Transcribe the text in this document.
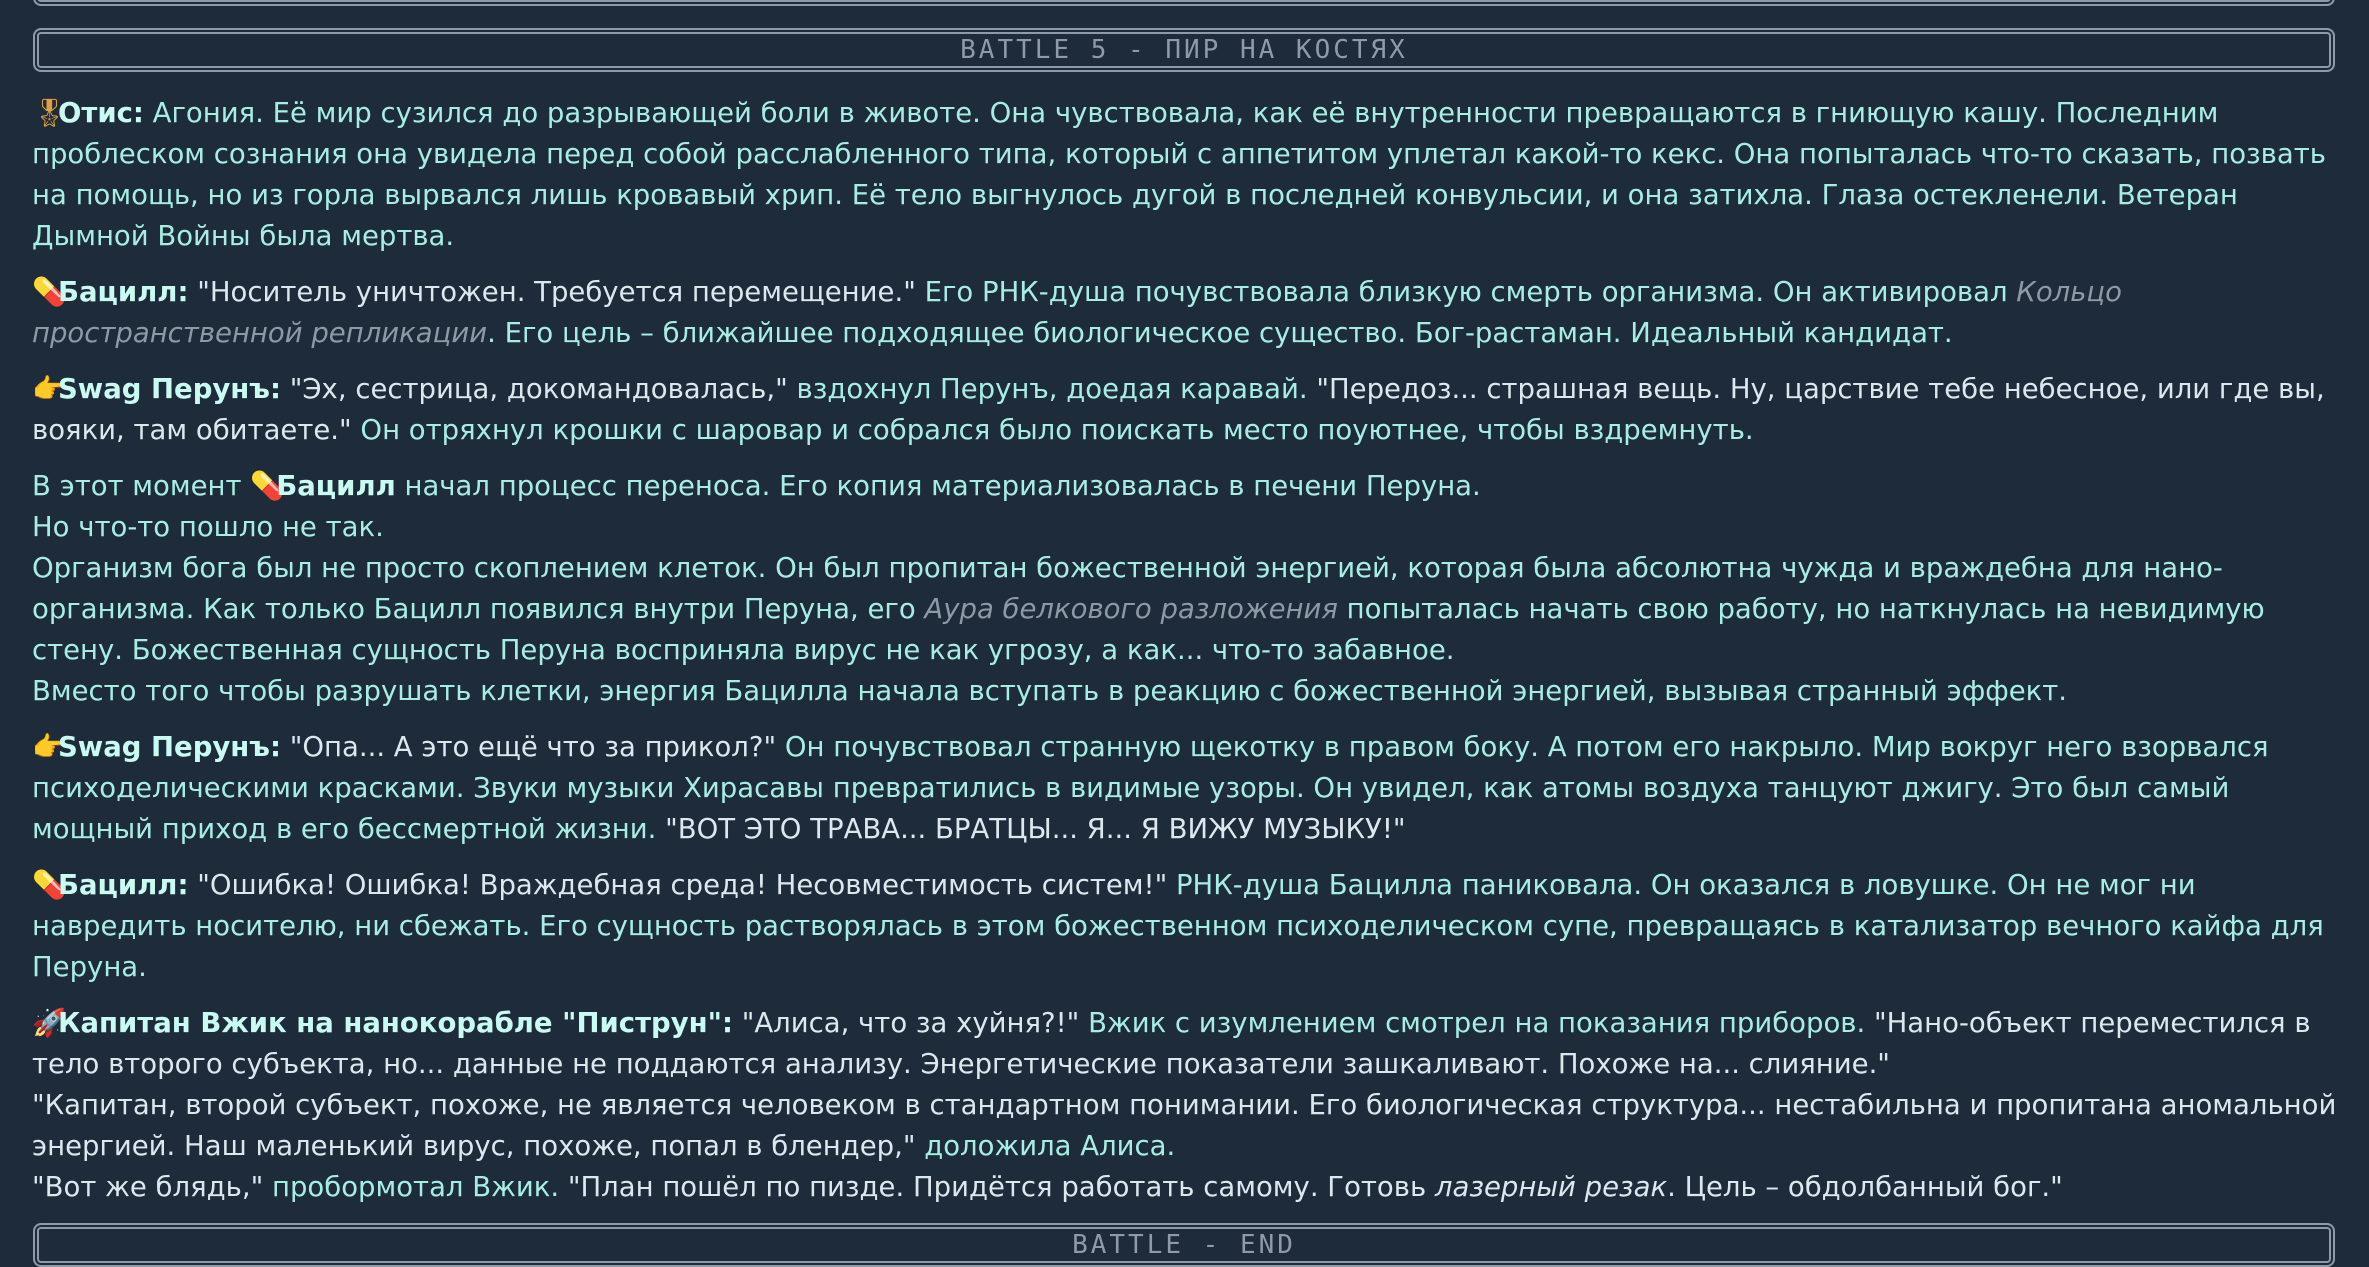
BATTLE 5 - ПИР НА КОСТЯХ

🎖Отис: Агония. Её мир сузился до разрывающей боли в животе. Она чувствовала, как её внутренности превращаются в гниющую кашу. Последним проблеском сознания она увидела перед собой расслабленного типа, который с аппетитом уплетал какой-то кекс. Она попыталась что-то сказать, позвать на помощь, но из горла вырвался лишь кровавый хрип. Её тело выгнулось дугой в последней конвульсии, и она затихла. Глаза остекленели. Ветеран Дымной Войны была мертва.

💊Бацилл: "Носитель уничтожен. Требуется перемещение." Его РНК-душа почувствовала близкую смерть организма. Он активировал Кольцо пространственной репликации. Его цель – ближайшее подходящее биологическое существо. Бог-растаман. Идеальный кандидат.

👉Swag Перунъ: "Эх, сестрица, докомандовалась," вздохнул Перунъ, доедая каравай. "Передоз... страшная вещь. Ну, царствие тебе небесное, или где вы, вояки, там обитаете." Он отряхнул крошки с шаровар и собрался было поискать место поуютнее, чтобы вздремнуть.

В этот момент 💊Бацилл начал процесс переноса. Его копия материализовалась в печени Перуна.

Но что-то пошло не так.

Организм бога был не просто скоплением клеток. Он был пропитан божественной энергией, которая была абсолютна чужда и враждебна для нано-организма. Как только Бацилл появился внутри Перуна, его Аура белкового разложения попыталась начать свою работу, но наткнулась на невидимую стену. Божественная сущность Перуна восприняла вирус не как угрозу, а как... что-то забавное.

Вместо того чтобы разрушать клетки, энергия Бацилла начала вступать в реакцию с божественной энергией, вызывая странный эффект.

👉Swag Перунъ: "Опа... А это ещё что за прикол?" Он почувствовал странную щекотку в правом боку. А потом его накрыло. Мир вокруг него взорвался психоделическими красками. Звуки музыки Хирасавы превратились в видимые узоры. Он увидел, как атомы воздуха танцуют джигу. Это был самый мощный приход в его бессмертной жизни. "ВОТ ЭТО ТРАВА... БРАТЦЫ... Я... Я ВИЖУ МУЗЫКУ!"

💊Бацилл: "Ошибка! Ошибка! Враждебная среда! Несовместимость систем!" РНК-душа Бацилла паниковала. Он оказался в ловушке. Он не мог ни навредить носителю, ни сбежать. Его сущность растворялась в этом божественном психоделическом супе, превращаясь в катализатор вечного кайфа для Перуна.

🚀Капитан Вжик на нанокорабле "Пиструн": "Алиса, что за хуйня?!" Вжик с изумлением смотрел на показания приборов. "Нано-объект переместился в тело второго субъекта, но... данные не поддаются анализу. Энергетические показатели зашкаливают. Похоже на... слияние."

"Капитан, второй субъект, похоже, не является человеком в стандартном понимании. Его биологическая структура... нестабильна и пропитана аномальной энергией. Наш маленький вирус, похоже, попал в блендер," доложила Алиса.

"Вот же блядь," пробормотал Вжик. "План пошёл по пизде. Придётся работать самому. Готовь лазерный резак. Цель – обдолбанный бог."

BATTLE - END
